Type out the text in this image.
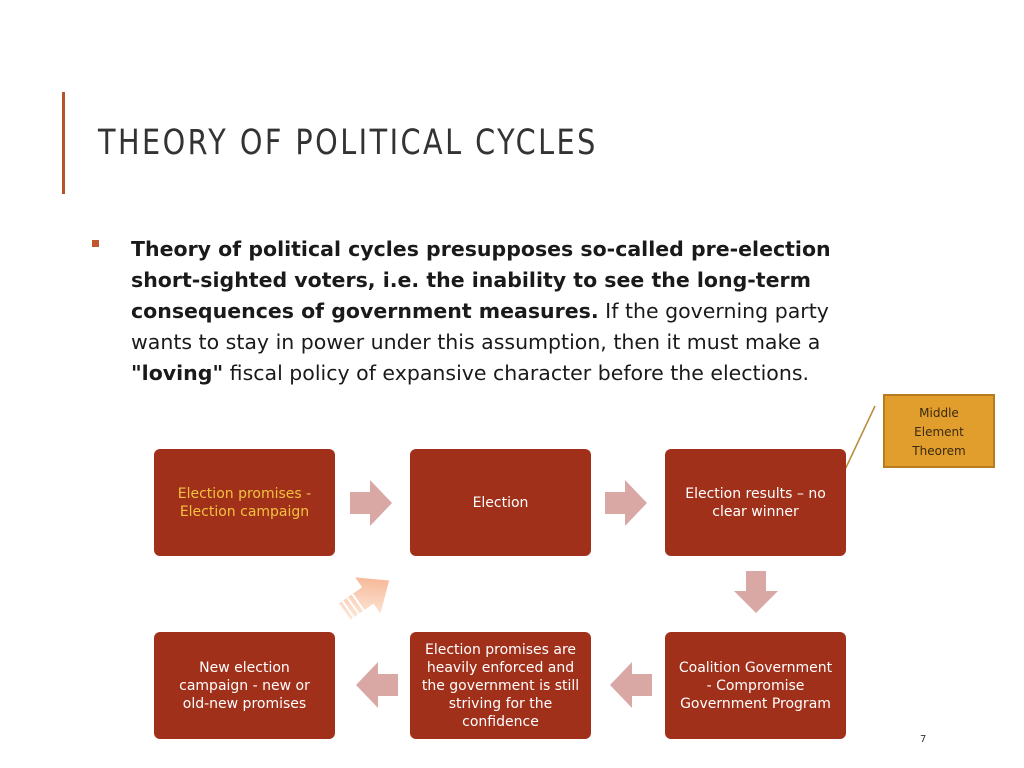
THEORY OF POLITICAL CYCLES

Theory of political cycles presupposes so-called pre-election
short-sighted voters, i.e. the inability to see the long-term
consequences of government measures. If the governing party
wants to stay in power under this assumption, then it must make a
"loving" fiscal policy of expansive character before the elections.

Middle
Element
Theorem
Election promises -
Election campaign
Election
Election results – no
clear winner
Coalition Government
- Compromise
Government Program
Election promises are
heavily enforced and
the government is still
striving for the
confidence
New election
campaign - new or
old-new promises
7
